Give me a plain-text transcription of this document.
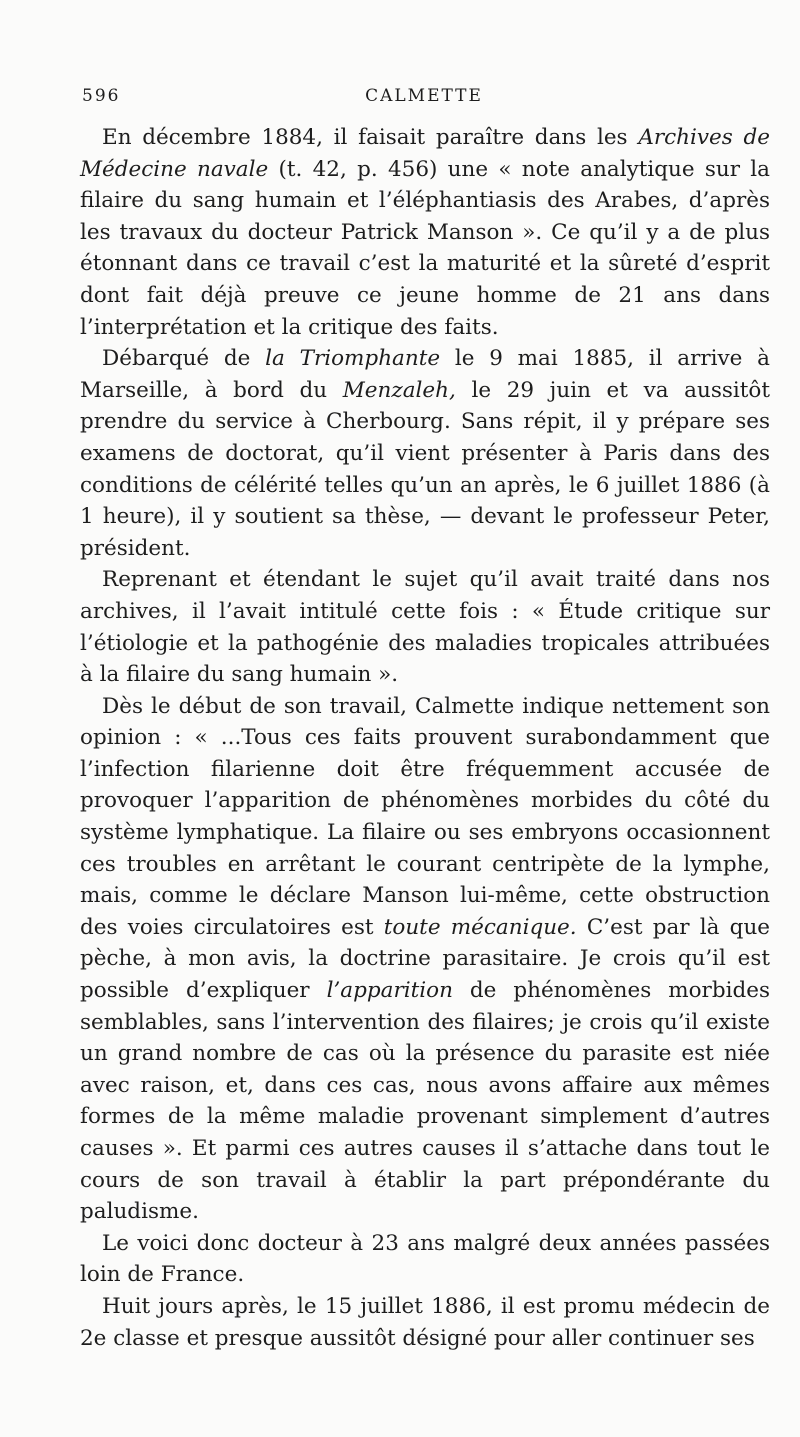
596	CALMETTE

En décembre 1884, il faisait paraître dans les Archives de Médecine navale (t. 42, p. 456) une « note analytique sur la filaire du sang humain et l’éléphantiasis des Arabes, d’après les travaux du docteur Patrick Manson ». Ce qu’il y a de plus étonnant dans ce travail c’est la maturité et la sûreté d’esprit dont fait déjà preuve ce jeune homme de 21 ans dans l’interprétation et la critique des faits.

Débarqué de la Triomphante le 9 mai 1885, il arrive à Marseille, à bord du Menzaleh, le 29 juin et va aussitôt prendre du service à Cherbourg. Sans répit, il y prépare ses examens de doctorat, qu’il vient présenter à Paris dans des conditions de célérité telles qu’un an après, le 6 juillet 1886 (à 1 heure), il y soutient sa thèse, — devant le professeur Peter, président.

Reprenant et étendant le sujet qu’il avait traité dans nos archives, il l’avait intitulé cette fois : « Étude critique sur l’étiologie et la pathogénie des maladies tropicales attribuées à la filaire du sang humain ».

Dès le début de son travail, Calmette indique nettement son opinion : « ...Tous ces faits prouvent surabondamment que l’infection filarienne doit être fréquemment accusée de provoquer l’apparition de phénomènes morbides du côté du système lymphatique. La filaire ou ses embryons occasionnent ces troubles en arrêtant le courant centripète de la lymphe, mais, comme le déclare Manson lui-même, cette obstruction des voies circulatoires est toute mécanique. C’est par là que pèche, à mon avis, la doctrine parasitaire. Je crois qu’il est possible d’expliquer l’apparition de phénomènes morbides semblables, sans l’intervention des filaires; je crois qu’il existe un grand nombre de cas où la présence du parasite est niée avec raison, et, dans ces cas, nous avons affaire aux mêmes formes de la même maladie provenant simplement d’autres causes ». Et parmi ces autres causes il s’attache dans tout le cours de son travail à établir la part prépondérante du paludisme.

Le voici donc docteur à 23 ans malgré deux années passées loin de France.

Huit jours après, le 15 juillet 1886, il est promu médecin de 2e classe et presque aussitôt désigné pour aller continuer ses
